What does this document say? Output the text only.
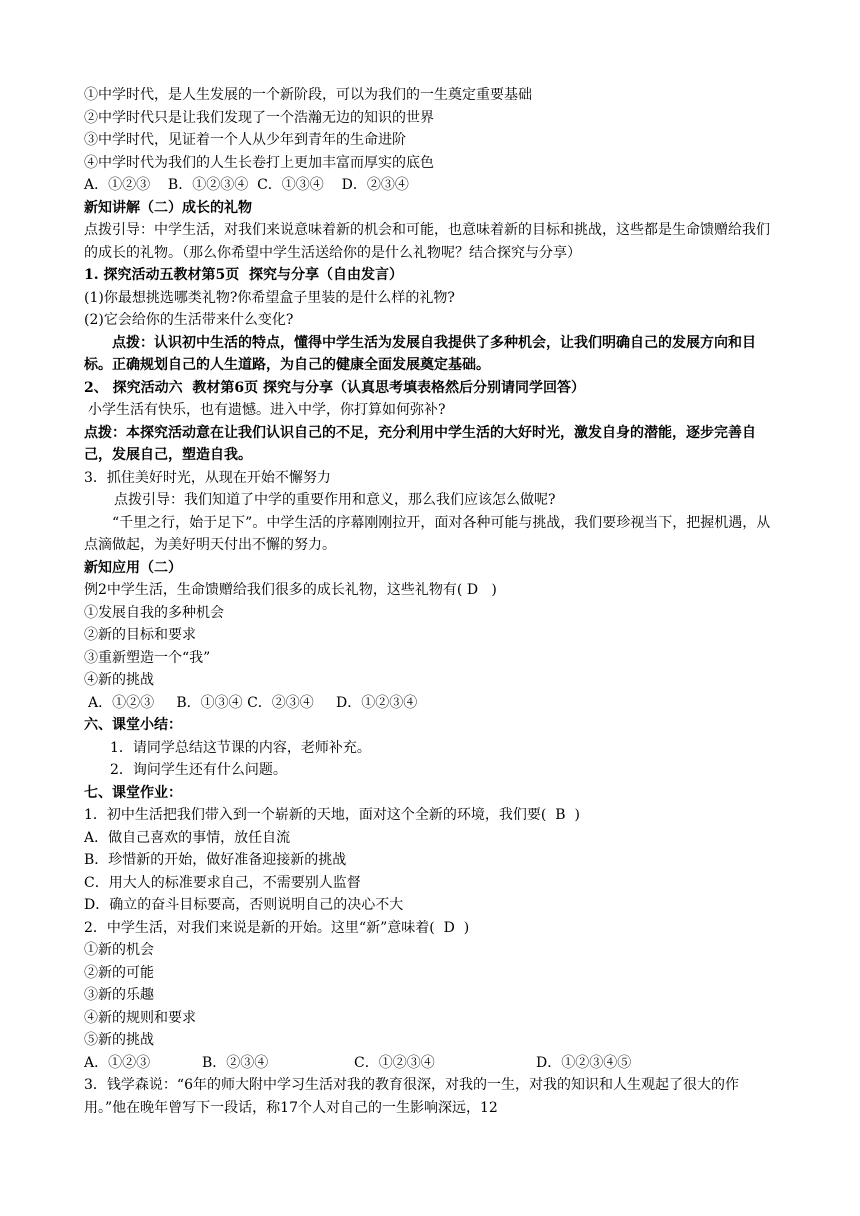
①中学时代，是人生发展的一个新阶段，可以为我们的一生奠定重要基础

②中学时代只是让我们发现了一个浩瀚无边的知识的世界

③中学时代，见证着一个人从少年到青年的生命进阶

④中学时代为我们的人生长卷打上更加丰富而厚实的底色

A．①②③    B．①②③④  C．①③④    D．②③④

新知讲解（二）成长的礼物

点拨引导：中学生活，对我们来说意味着新的机会和可能，也意味着新的目标和挑战，这些都是生命馈赠给我们的成长的礼物。（那么你希望中学生活送给你的是什么礼物呢？结合探究与分享）

1. 探究活动五教材第5页  探究与分享（自由发言）

(1)你最想挑选哪类礼物?你希望盒子里装的是什么样的礼物?

(2)它会给你的生活带来什么变化?

点拨：认识初中生活的特点，懂得中学生活为发展自我提供了多种机会，让我们明确自己的发展方向和目标。正确规划自己的人生道路，为自己的健康全面发展奠定基础。

2、 探究活动六  教材第6页 探究与分享（认真思考填表格然后分别请同学回答）

小学生活有快乐，也有遗憾。进入中学，你打算如何弥补?

点拨：本探究活动意在让我们认识自己的不足，充分利用中学生活的大好时光，激发自身的潜能，逐步完善自己，发展自己，塑造自我。

3．抓住美好时光，从现在开始不懈努力

点拨引导：我们知道了中学的重要作用和意义，那么我们应该怎么做呢?

“千里之行，始于足下”。中学生活的序幕刚刚拉开，面对各种可能与挑战，我们要珍视当下，把握机遇，从点滴做起，为美好明天付出不懈的努力。

新知应用（二）

例2中学生活，生命馈赠给我们很多的成长礼物，这些礼物有( D   )

①发展自我的多种机会

②新的目标和要求

③重新塑造一个“我”

④新的挑战

A．①②③     B．①③④ C．②③④     D．①②③④

六、课堂小结：

1．请同学总结这节课的内容，老师补充。

2．询问学生还有什么问题。

七、课堂作业：

1．初中生活把我们带入到一个崭新的天地，面对这个全新的环境，我们要(  B  )

A．做自己喜欢的事情，放任自流

B．珍惜新的开始，做好准备迎接新的挑战

C．用大人的标准要求自己，不需要别人监督

D．确立的奋斗目标要高，否则说明自己的决心不大

2．中学生活，对我们来说是新的开始。这里“新”意味着(  D  )

①新的机会

②新的可能

③新的乐趣

④新的规则和要求

⑤新的挑战

A．①②③	B．②③④	C．①②③④	D．①②③④⑤

3．钱学森说：“6年的师大附中学习生活对我的教育很深，对我的一生，对我的知识和人生观起了很大的作用。”他在晚年曾写下一段话，称17个人对自己的一生影响深远，12
